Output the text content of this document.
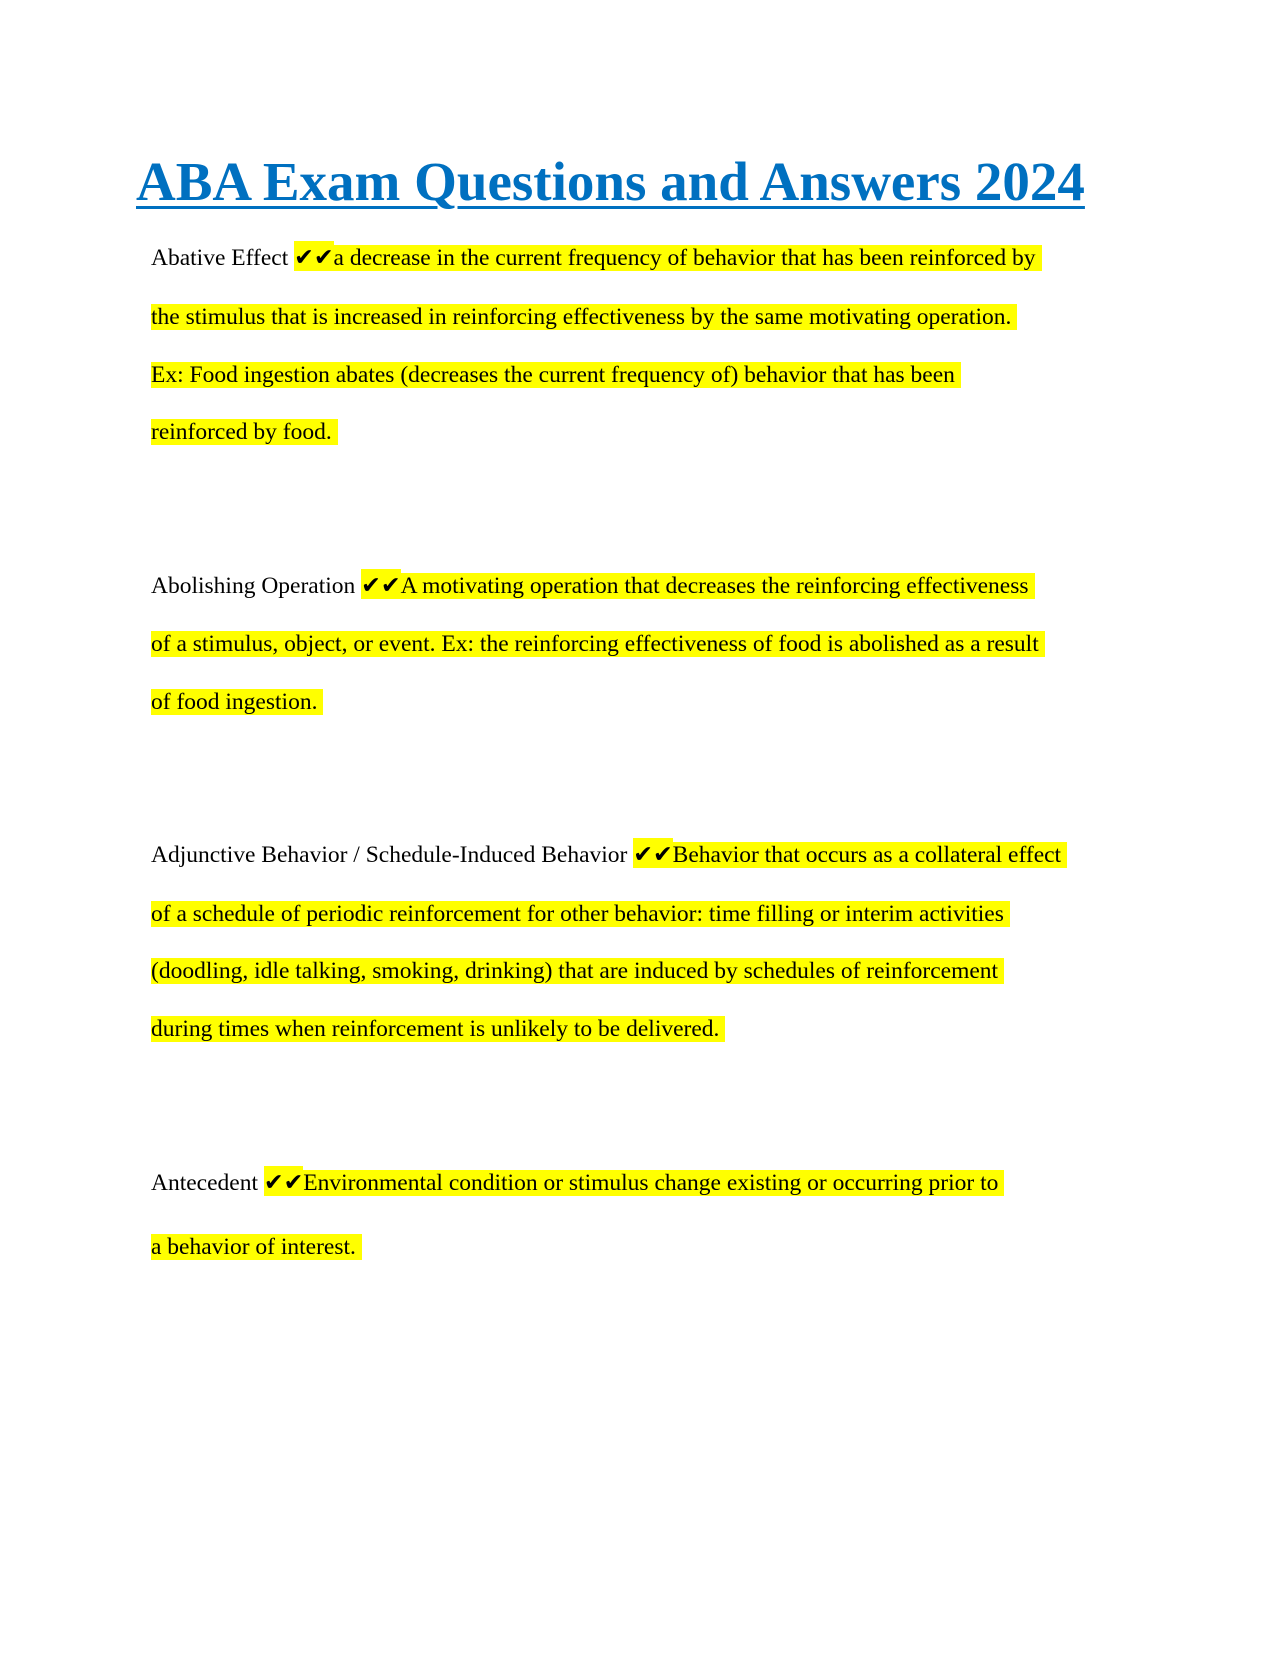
ABA Exam Questions and Answers 2024
Abative Effect ✔✔a decrease in the current frequency of behavior that has been reinforced by
the stimulus that is increased in reinforcing effectiveness by the same motivating operation.
Ex: Food ingestion abates (decreases the current frequency of) behavior that has been
reinforced by food.
Abolishing Operation ✔✔A motivating operation that decreases the reinforcing effectiveness
of a stimulus, object, or event. Ex: the reinforcing effectiveness of food is abolished as a result
of food ingestion.
Adjunctive Behavior / Schedule-Induced Behavior ✔✔Behavior that occurs as a collateral effect
of a schedule of periodic reinforcement for other behavior: time filling or interim activities
(doodling, idle talking, smoking, drinking) that are induced by schedules of reinforcement
during times when reinforcement is unlikely to be delivered.
Antecedent ✔✔Environmental condition or stimulus change existing or occurring prior to
a behavior of interest.
